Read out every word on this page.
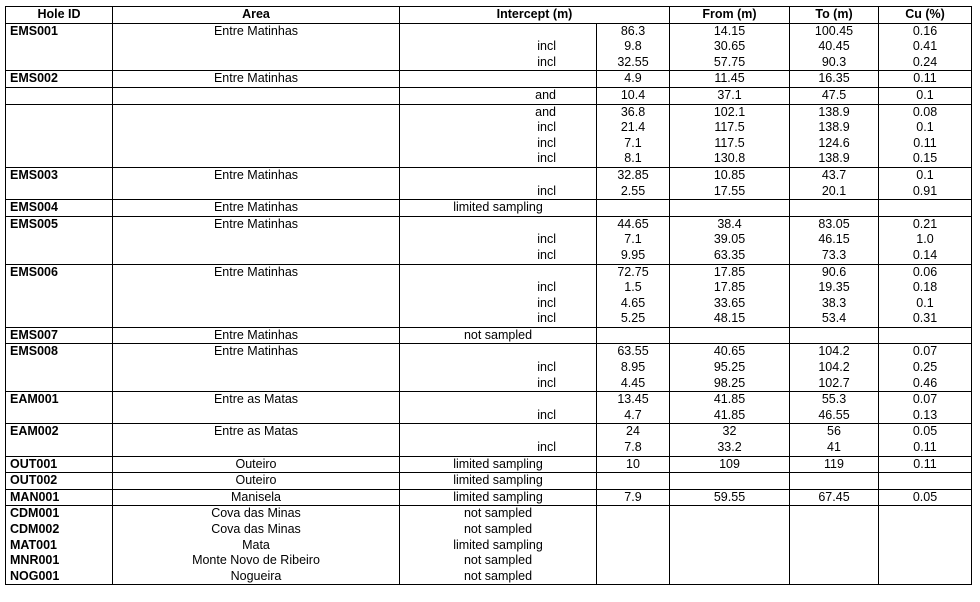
Hole ID	Area	Intercept (m)		From (m)	To (m)	Cu (%)
EMS001	Entre Matinhas		86.3	14.15	100.45	0.16
		incl	9.8	30.65	40.45	0.41
		incl	32.55	57.75	90.3	0.24
EMS002	Entre Matinhas		4.9	11.45	16.35	0.11
		and	10.4	37.1	47.5	0.1
		and	36.8	102.1	138.9	0.08
		incl	21.4	117.5	138.9	0.1
		incl	7.1	117.5	124.6	0.11
		incl	8.1	130.8	138.9	0.15
EMS003	Entre Matinhas		32.85	10.85	43.7	0.1
		incl	2.55	17.55	20.1	0.91
EMS004	Entre Matinhas	limited sampling				
EMS005	Entre Matinhas		44.65	38.4	83.05	0.21
		incl	7.1	39.05	46.15	1.0
		incl	9.95	63.35	73.3	0.14
EMS006	Entre Matinhas		72.75	17.85	90.6	0.06
		incl	1.5	17.85	19.35	0.18
		incl	4.65	33.65	38.3	0.1
		incl	5.25	48.15	53.4	0.31
EMS007	Entre Matinhas	not sampled				
EMS008	Entre Matinhas		63.55	40.65	104.2	0.07
		incl	8.95	95.25	104.2	0.25
		incl	4.45	98.25	102.7	0.46
EAM001	Entre as Matas		13.45	41.85	55.3	0.07
		incl	4.7	41.85	46.55	0.13
EAM002	Entre as Matas		24	32	56	0.05
		incl	7.8	33.2	41	0.11
OUT001	Outeiro	limited sampling	10	109	119	0.11
OUT002	Outeiro	limited sampling				
MAN001	Manisela	limited sampling	7.9	59.55	67.45	0.05
CDM001	Cova das Minas	not sampled				
CDM002	Cova das Minas	not sampled				
MAT001	Mata	limited sampling				
MNR001	Monte Novo de Ribeiro	not sampled				
NOG001	Nogueira	not sampled				
